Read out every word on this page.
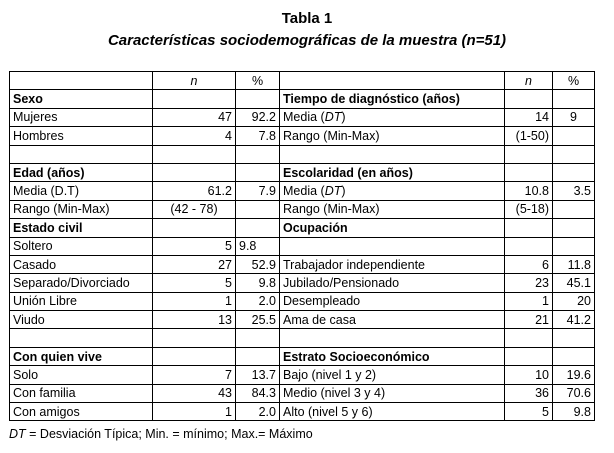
Tabla 1
Características sociodemográficas de la muestra (n=51)
	n	%		n	%
Sexo			Tiempo de diagnóstico (años)		
Mujeres	47	92.2	Media (DT)	14	9
Hombres	4	7.8	Rango (Min-Max)	(1-50)	

Edad (años)			Escolaridad (en años)		
Media (D.T)	61.2	7.9	Media (DT)	10.8	3.5
Rango (Min-Max)	(42 - 78)		Rango (Min-Max)	(5-18)	
Estado civil			Ocupación		
Soltero	5	9.8			
Casado	27	52.9	Trabajador independiente	6	11.8
Separado/Divorciado	5	9.8	Jubilado/Pensionado	23	45.1
Unión Libre	1	2.0	Desempleado	1	20
Viudo	13	25.5	Ama de casa	21	41.2

Con quien vive			Estrato Socioeconómico		
Solo	7	13.7	Bajo (nivel 1 y 2)	10	19.6
Con familia	43	84.3	Medio (nivel 3 y 4)	36	70.6
Con amigos	1	2.0	Alto (nivel 5 y 6)	5	9.8
DT = Desviación Típica; Min. = mínimo; Max.= Máximo
